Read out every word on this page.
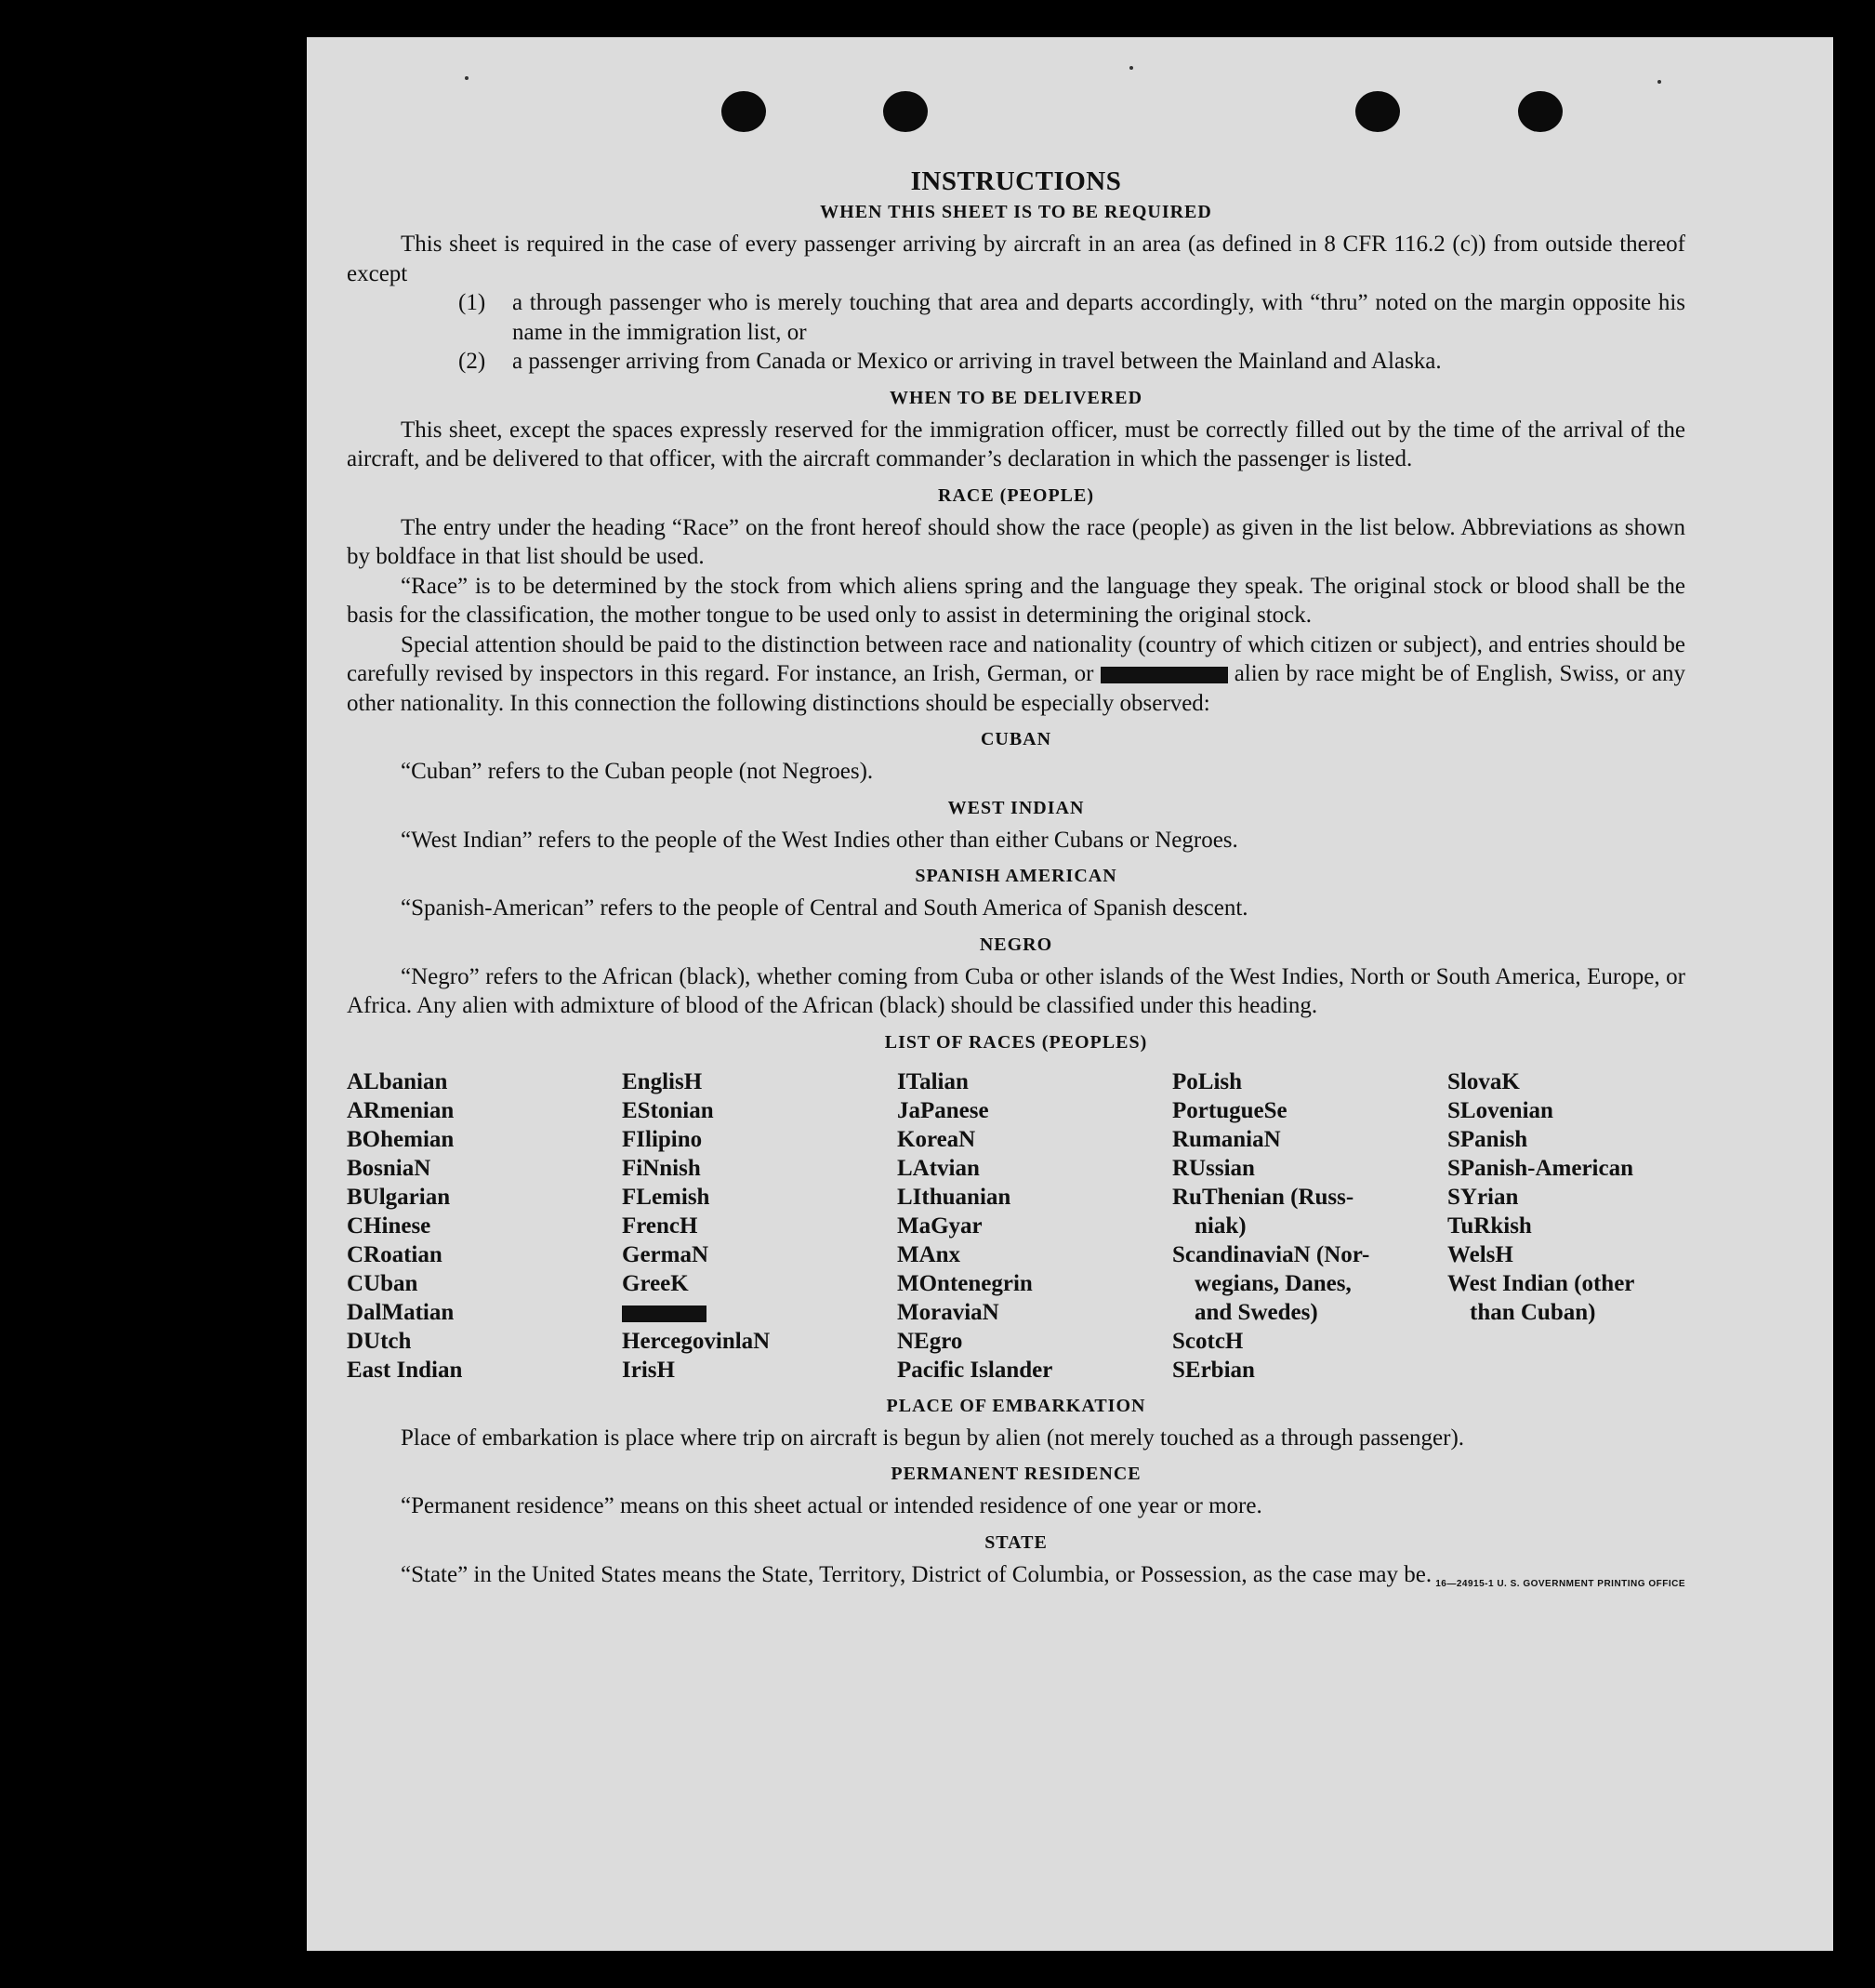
INSTRUCTIONS
WHEN THIS SHEET IS TO BE REQUIRED

This sheet is required in the case of every passenger arriving by aircraft in an area (as defined in 8 CFR 116.2 (c)) from outside thereof except

(1)	a through passenger who is merely touching that area and departs accordingly, with “thru” noted on the margin opposite his name in the immigration list, or
(2)	a passenger arriving from Canada or Mexico or arriving in travel between the Mainland and Alaska.
WHEN TO BE DELIVERED

This sheet, except the spaces expressly reserved for the immigration officer, must be correctly filled out by the time of the arrival of the aircraft, and be delivered to that officer, with the aircraft commander’s declaration in which the passenger is listed.

RACE (PEOPLE)

The entry under the heading “Race” on the front hereof should show the race (people) as given in the list below. Abbreviations as shown by boldface in that list should be used.

“Race” is to be determined by the stock from which aliens spring and the language they speak. The original stock or blood shall be the basis for the classification, the mother tongue to be used only to assist in determining the original stock.

Special attention should be paid to the distinction between race and nationality (country of which citizen or subject), and entries should be carefully revised by inspectors in this regard. For instance, an Irish, German, or	alien by race might be of English, Swiss, or any other nationality. In this connection the following distinctions should be especially observed:

CUBAN

“Cuban” refers to the Cuban people (not Negroes).

WEST INDIAN

“West Indian” refers to the people of the West Indies other than either Cubans or Negroes.

SPANISH AMERICAN

“Spanish-American” refers to the people of Central and South America of Spanish descent.

NEGRO

“Negro” refers to the African (black), whether coming from Cuba or other islands of the West Indies, North or South America, Europe, or Africa. Any alien with admixture of blood of the African (black) should be classified under this heading.

LIST OF RACES (PEOPLES)
ALbanian
ARmenian
BOhemian
BosniaN
BUlgarian
CHinese
CRoatian
CUban
DalMatian
DUtch
East Indian
EnglisH
EStonian
FIlipino
FiNnish
FLemish
FrencH
GermaN
GreeK
HercegovinlaN
IrisH
ITalian
JaPanese
KoreaN
LAtvian
LIthuanian
MaGyar
MAnx
MOntenegrin
MoraviaN
NEgro
Pacific Islander
PoLish
PortugueSe
RumaniaN
RUssian
RuThenian (Russ-
niak)
ScandinaviaN (Nor-
wegians, Danes,
and Swedes)
ScotcH
SErbian
SlovaK
SLovenian
SPanish
SPanish-American
SYrian
TuRkish
WelsH
West Indian (other
than Cuban)
PLACE OF EMBARKATION

Place of embarkation is place where trip on aircraft is begun by alien (not merely touched as a through passenger).

PERMANENT RESIDENCE

“Permanent residence” means on this sheet actual or intended residence of one year or more.

STATE

“State” in the United States means the State, Territory, District of Columbia, or Possession, as the case may be. 16—24915-1 U. S. GOVERNMENT PRINTING OFFICE
